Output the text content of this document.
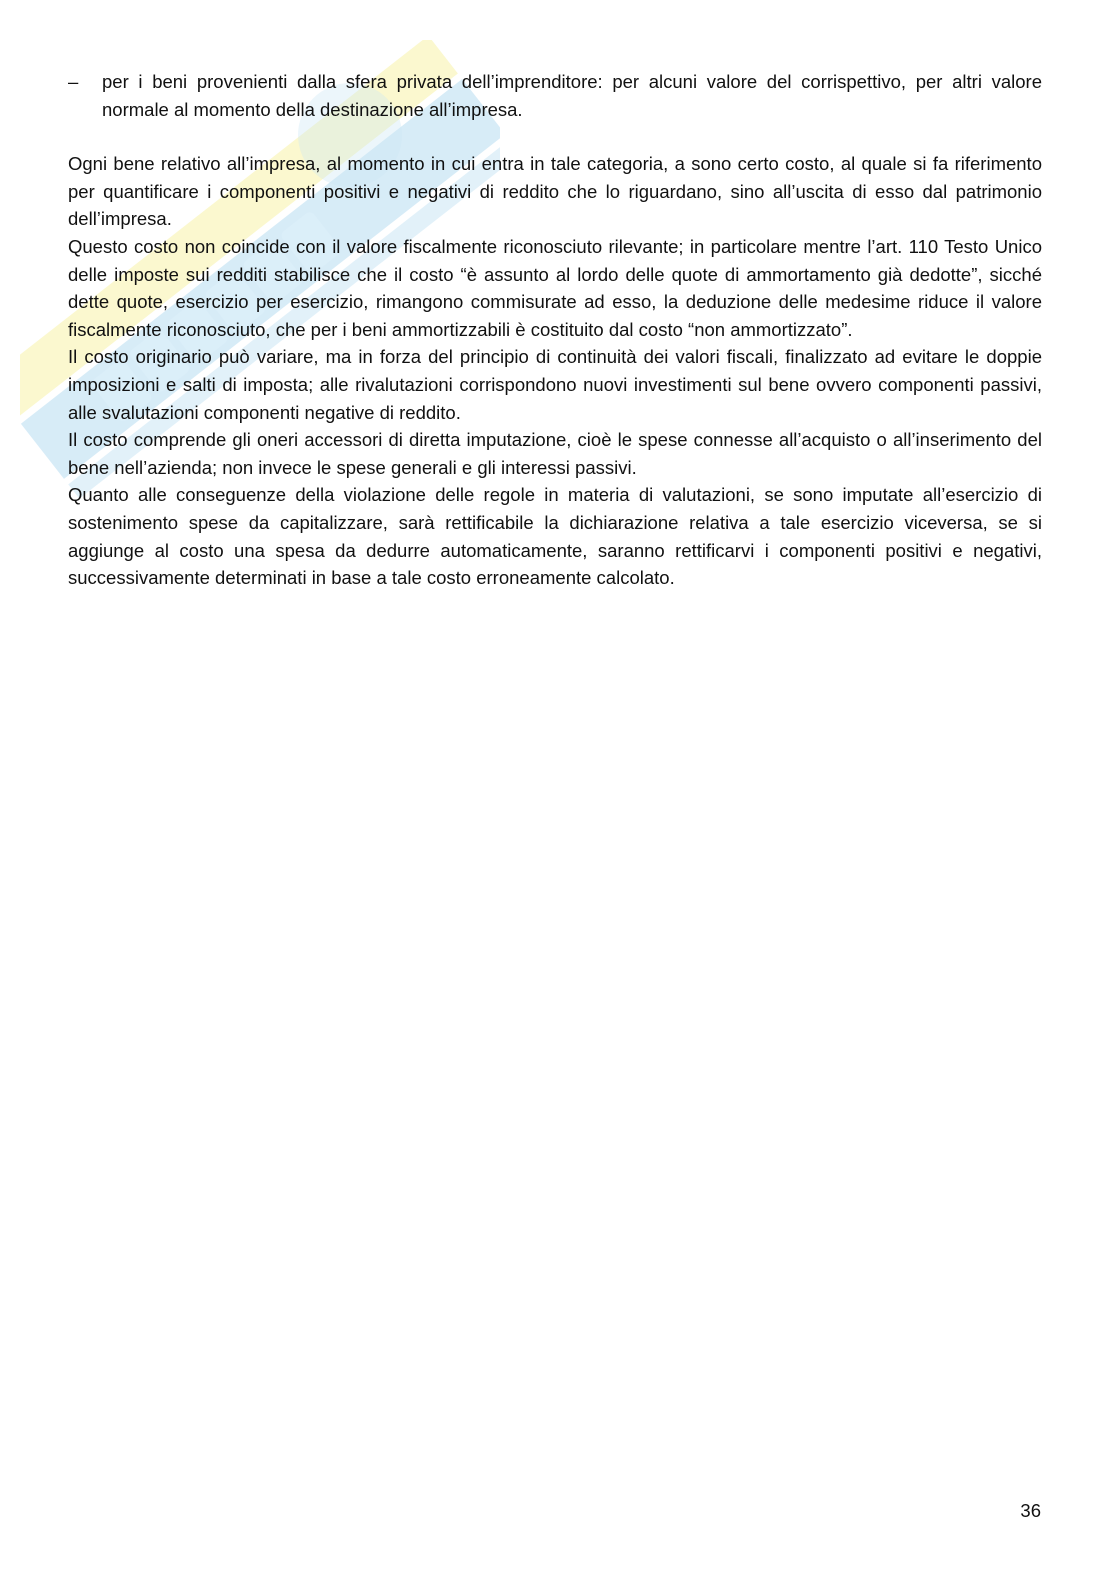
–	per i beni provenienti dalla sfera privata dell’imprenditore: per alcuni valore del corrispettivo, per altri valore normale al momento della destinazione all’impresa.

Ogni bene relativo all’impresa, al momento in cui entra in tale categoria, a sono certo costo, al quale si fa riferimento per quantificare i componenti positivi e negativi di reddito che lo riguardano, sino all’uscita di esso dal patrimonio dell’impresa.

Questo costo non coincide con il valore fiscalmente riconosciuto rilevante; in particolare mentre l’art. 110 Testo Unico delle imposte sui redditi stabilisce che il costo “è assunto al lordo delle quote di ammortamento già dedotte”, sicché dette quote, esercizio per esercizio, rimangono commisurate ad esso, la deduzione delle medesime riduce il valore fiscalmente riconosciuto, che per i beni ammortizzabili è costituito dal costo “non ammortizzato”.

Il costo originario può variare, ma in forza del principio di continuità dei valori fiscali, finalizzato ad evitare le doppie imposizioni e salti di imposta; alle rivalutazioni corrispondono nuovi investimenti sul bene ovvero componenti passivi, alle svalutazioni componenti negative di reddito.

Il costo comprende gli oneri accessori di diretta imputazione, cioè le spese connesse all’acquisto o all’inserimento del bene nell’azienda; non invece le spese generali e gli interessi passivi.

Quanto alle conseguenze della violazione delle regole in materia di valutazioni, se sono imputate all’esercizio di sostenimento spese da capitalizzare, sarà rettificabile la dichiarazione relativa a tale esercizio viceversa, se si aggiunge al costo una spesa da dedurre automaticamente, saranno rettificarvi i componenti positivi e negativi, successivamente determinati in base a tale costo erroneamente calcolato.

36
